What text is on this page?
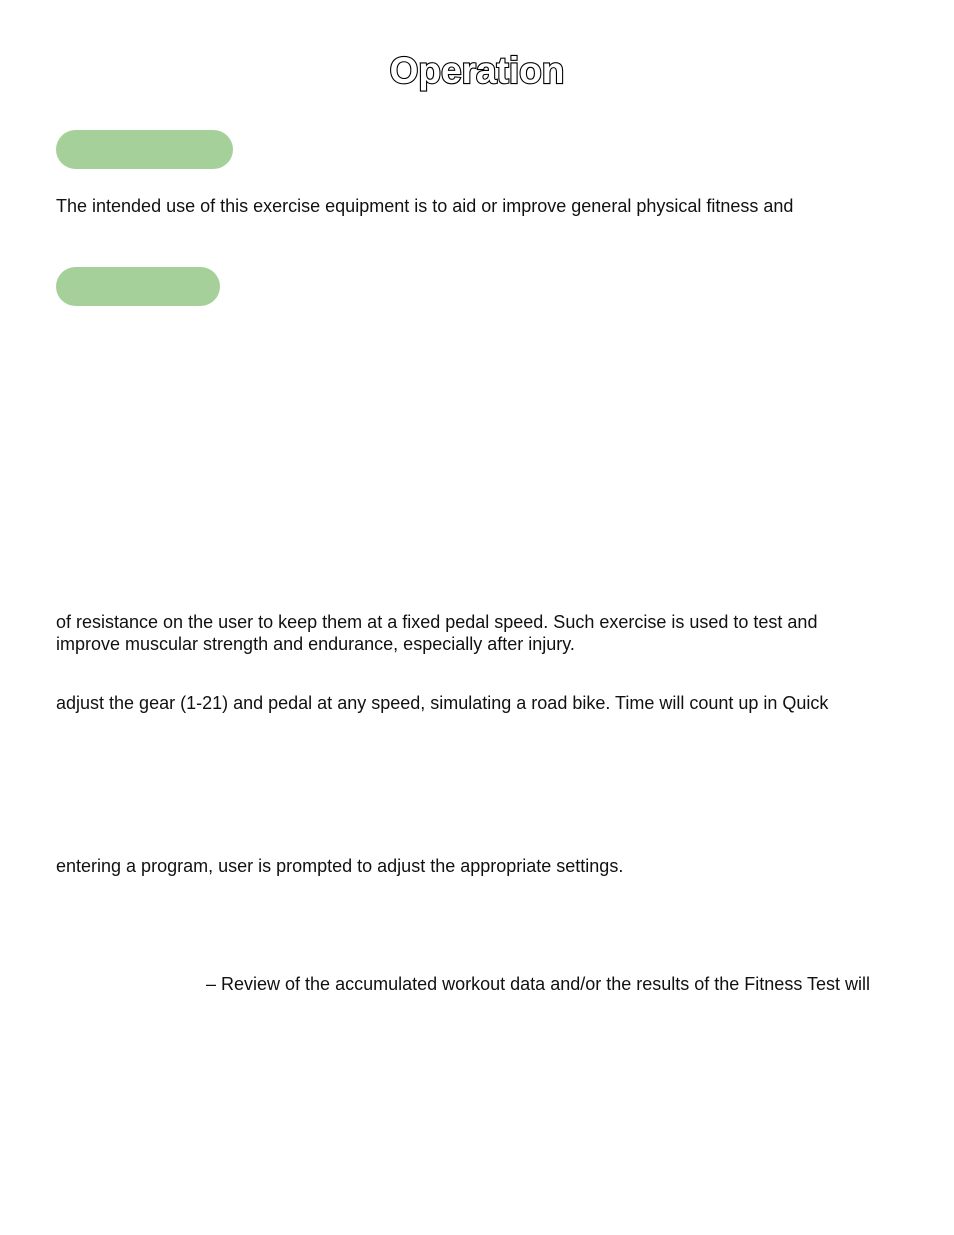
Operation

The intended use of this exercise equipment is to aid or improve general physical fitness and

of resistance on the user to keep them at a fixed pedal speed. Such exercise is used to test and
improve muscular strength and endurance, especially after injury.

adjust the gear (1-21) and pedal at any speed, simulating a road bike. Time will count up in Quick

entering a program, user is prompted to adjust the appropriate settings.

– Review of the accumulated workout data and/or the results of the Fitness Test will
